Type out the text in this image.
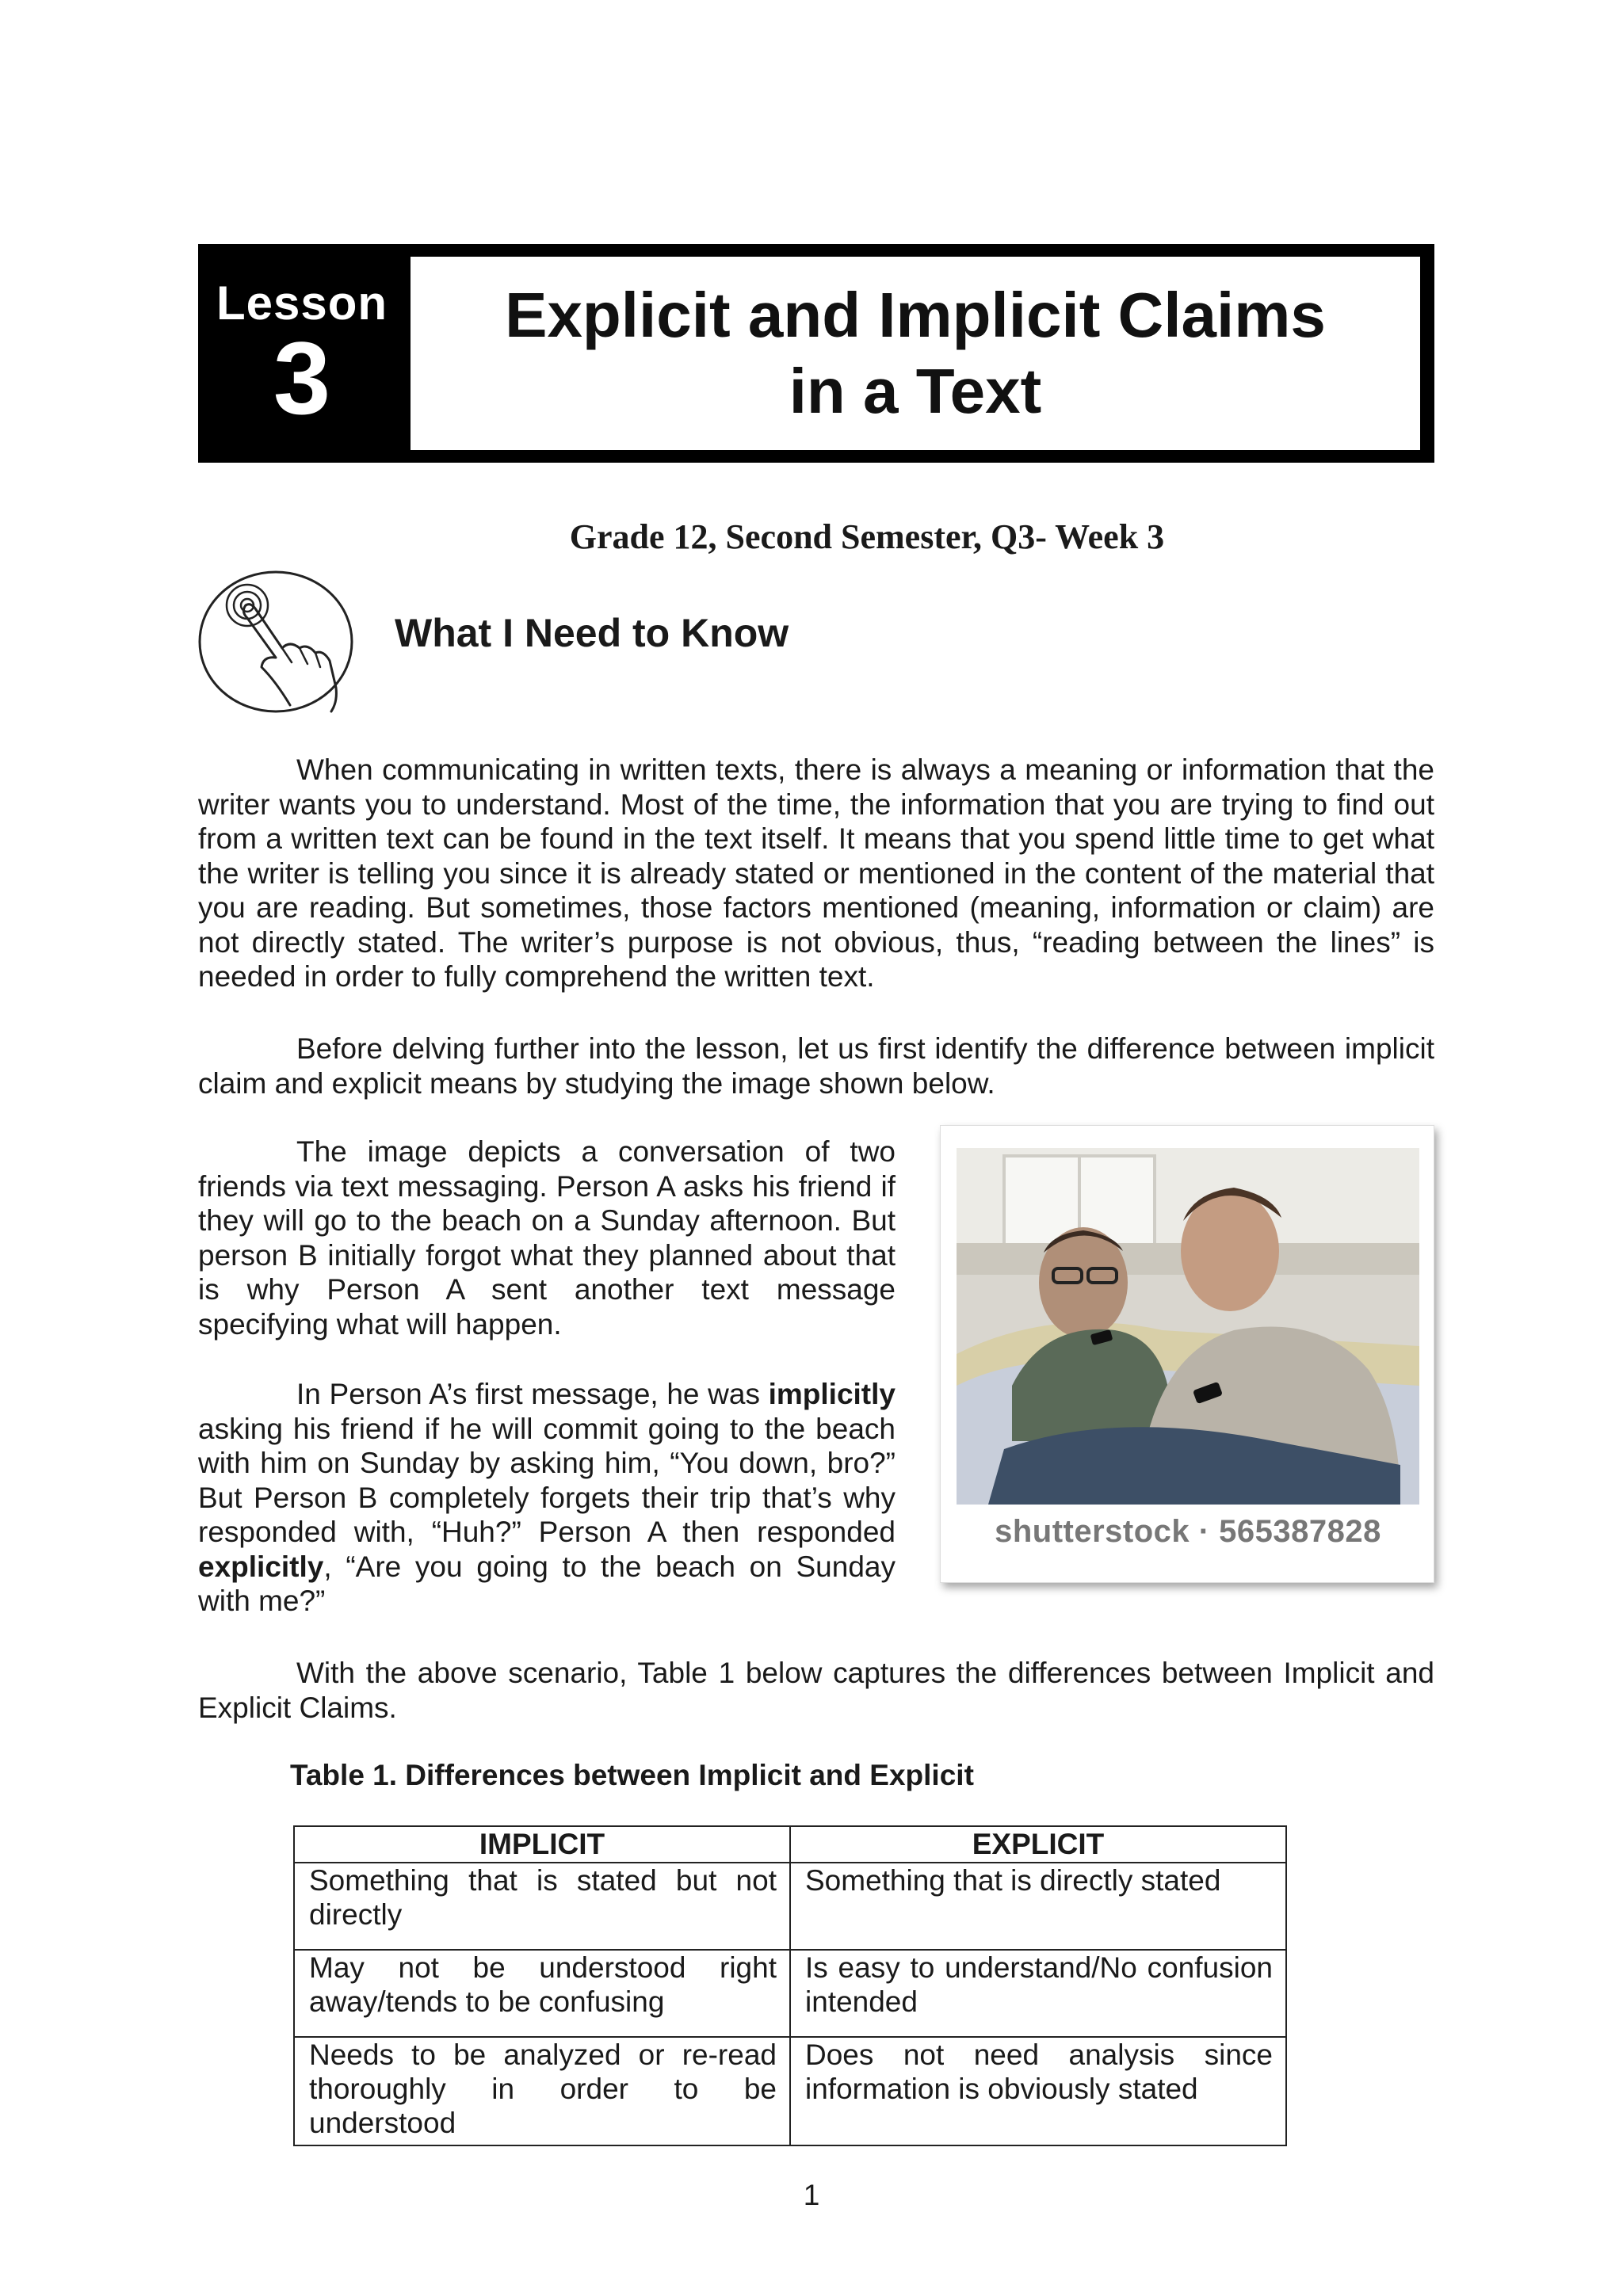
Lesson
3
Explicit and Implicit Claims
in a Text
Grade 12, Second Semester, Q3- Week 3
What I Need to Know

When communicating in written texts, there is always a meaning or information that the writer wants you to understand. Most of the time, the information that you are trying to find out from a written text can be found in the text itself. It means that you spend little time to get what the writer is telling you since it is already stated or mentioned in the content of the material that you are reading. But sometimes, those factors mentioned (meaning, information or claim) are not directly stated. The writer’s purpose is not obvious, thus, “reading between the lines” is needed in order to fully comprehend the written text.

Before delving further into the lesson, let us first identify the difference between implicit claim and explicit means by studying the image shown below.

The image depicts a conversation of two friends via text messaging. Person A asks his friend if they will go to the beach on a Sunday afternoon. But person B initially forgot what they planned about that is why Person A sent another text message specifying what will happen.

In Person A’s first message, he was implicitly asking his friend if he will commit going to the beach with him on Sunday by asking him, “You down, bro?” But Person B completely forgets their trip that’s why responded with, “Huh?” Person A then responded explicitly, “Are you going to the beach on Sunday with me?”

shutterstock · 565387828

With the above scenario, Table 1 below captures the differences between Implicit and Explicit Claims.

Table 1. Differences between Implicit and Explicit
IMPLICIT	EXPLICIT
Something that is stated but not directly	Something that is directly stated
May not be understood right away/tends to be confusing	Is easy to understand/No confusion intended
Needs to be analyzed or re-read thoroughly in order to be understood	Does not need analysis since information is obviously stated
1
